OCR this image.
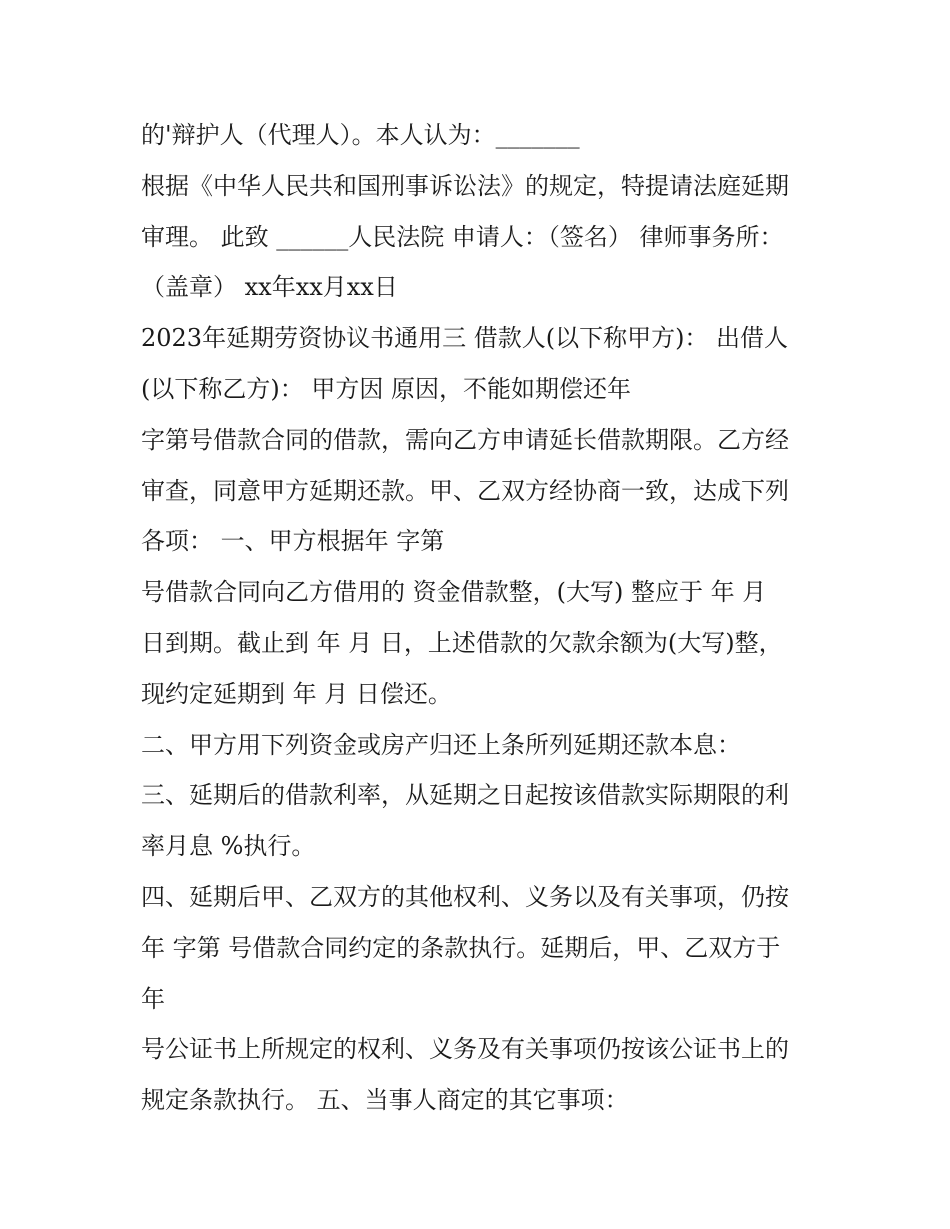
的'辩护人（代理人）。本人认为：_______
根据《中华人民共和国刑事诉讼法》的规定，特提请法庭延期
审理。 此致 ______人民法院 申请人：（签名） 律师事务所：
（盖章） xx年xx月xx日
2023年延期劳资协议书通用三 借款人(以下称甲方)： 出借人
(以下称乙方)： 甲方因 原因，不能如期偿还年
字第号借款合同的借款，需向乙方申请延长借款期限。乙方经
审查，同意甲方延期还款。甲、乙双方经协商一致，达成下列
各项： 一、甲方根据年 字第
号借款合同向乙方借用的 资金借款整，(大写) 整应于 年 月
日到期。截止到 年 月 日，上述借款的欠款余额为(大写)整，
现约定延期到 年 月 日偿还。
二、甲方用下列资金或房产归还上条所列延期还款本息：
三、延期后的借款利率，从延期之日起按该借款实际期限的利
率月息 %执行。
四、延期后甲、乙双方的其他权利、义务以及有关事项，仍按
年 字第 号借款合同约定的条款执行。延期后，甲、乙双方于
年
号公证书上所规定的权利、义务及有关事项仍按该公证书上的
规定条款执行。 五、当事人商定的其它事项：
